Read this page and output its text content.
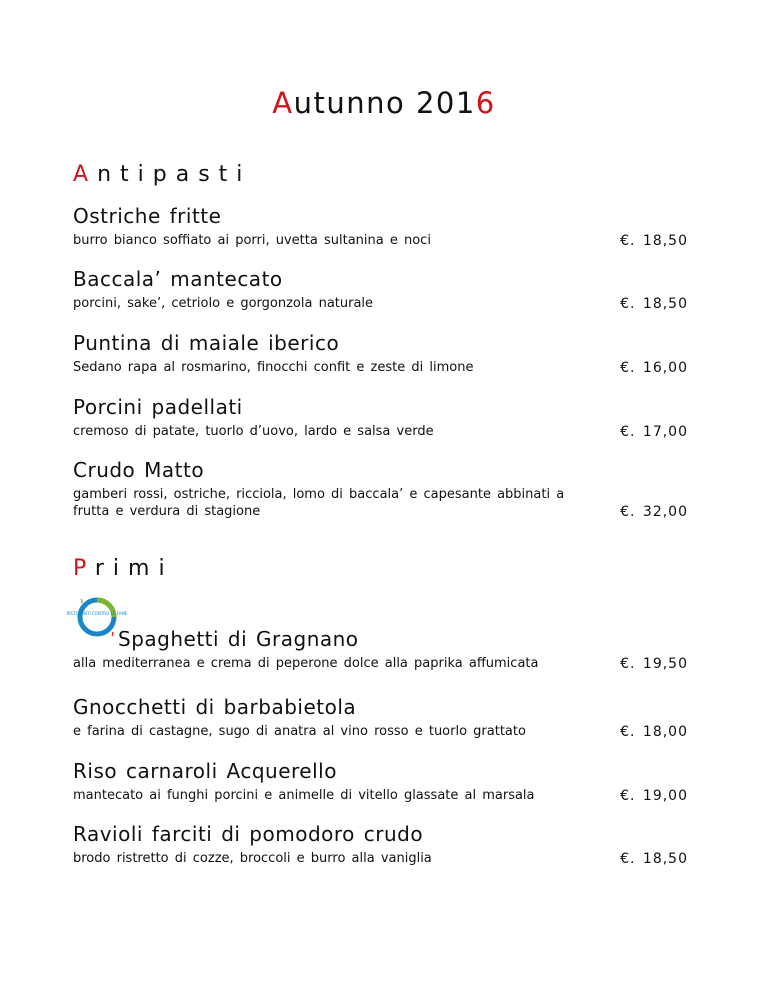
Autunno 2016
Antipasti
Ostriche fritte
burro bianco soffiato ai porri, uvetta sultanina e noci	€. 18,50
Baccala’ mantecato
porcini, sake’, cetriolo e gorgonzola naturale	€. 18,50
Puntina di maiale iberico
Sedano rapa al rosmarino, finocchi confit e zeste di limone	€. 16,00
Porcini padellati
cremoso di patate, tuorlo d’uovo, lardo e salsa verde	€. 17,00
Crudo Matto
gamberi rossi, ostriche, ricciola, lomo di baccala’ e capesante abbinati a frutta e verdura di stagione	€. 32,00
Primi
RISTORANTI CONTRO LA FAME
Spaghetti di Gragnano
alla mediterranea e crema di peperone dolce alla paprika affumicata	€. 19,50
Gnocchetti di barbabietola
e farina di castagne, sugo di anatra al vino rosso e tuorlo grattato	€. 18,00
Riso carnaroli Acquerello
mantecato ai funghi porcini e animelle di vitello glassate al marsala	€. 19,00
Ravioli farciti di pomodoro crudo
brodo ristretto di cozze, broccoli e burro alla vaniglia	€. 18,50
